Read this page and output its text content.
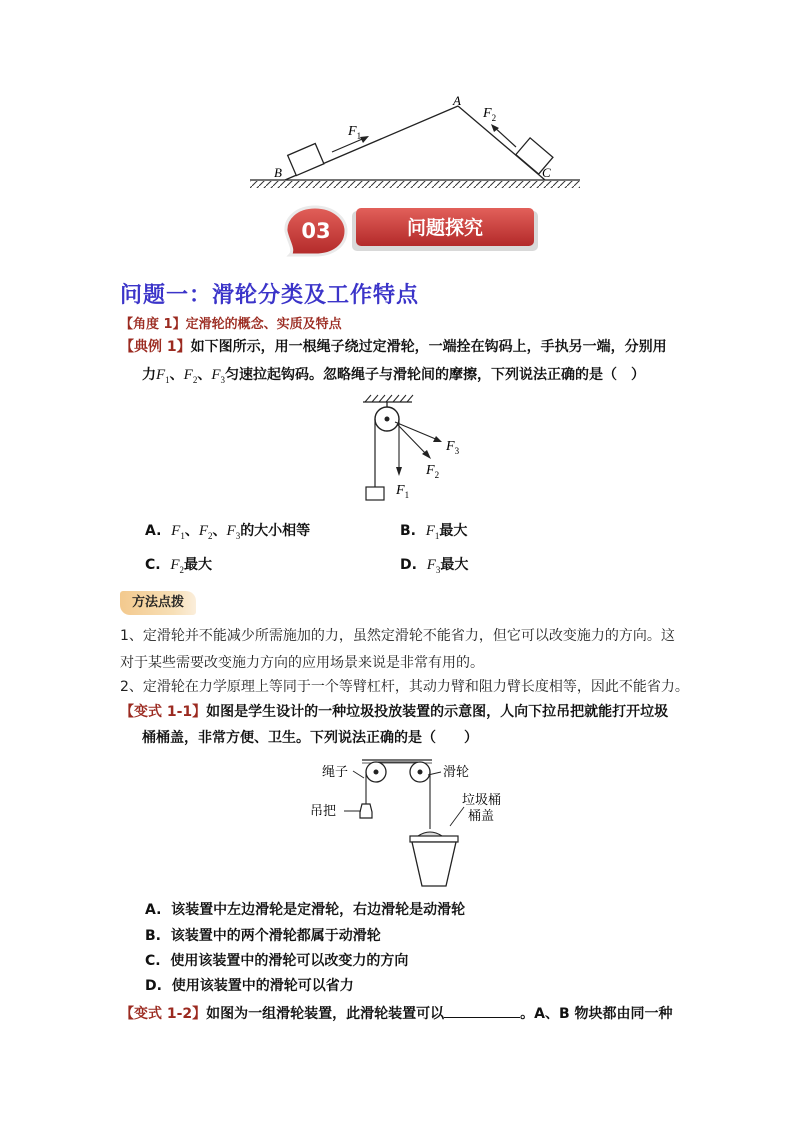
$F_1$
$F_2$
A
B	C
03	问题探究
问题一：滑轮分类及工作特点
【角度 1】定滑轮的概念、实质及特点
【典例 1】如下图所示，用一根绳子绕过定滑轮，一端拴在钩码上，手执另一端，分别用
力$F_1$、$F_2$、$F_3$匀速拉起钩码。忽略绳子与滑轮间的摩擦，下列说法正确的是（　）
$F_1$
$F_2$
$F_3$
A. $F_1$、$F_2$、$F_3$的大小相等	B. $F_1$最大
C. $F_2$最大	D. $F_3$最大
方法点拨
1、定滑轮并不能减少所需施加的力，虽然定滑轮不能省力，但它可以改变施力的方向。这
对于某些需要改变施力方向的应用场景来说是非常有用的。
2、定滑轮在力学原理上等同于一个等臂杠杆，其动力臂和阻力臂长度相等，因此不能省力。
【变式 1-1】如图是学生设计的一种垃圾投放装置的示意图，人向下拉吊把就能打开垃圾
桶桶盖，非常方便、卫生。下列说法正确的是（　　）
绳子	滑轮
吊把
垃圾桶
桶盖
A. 该装置中左边滑轮是定滑轮，右边滑轮是动滑轮
B. 该装置中的两个滑轮都属于动滑轮
C. 使用该装置中的滑轮可以改变力的方向
D. 使用该装置中的滑轮可以省力
【变式 1-2】如图为一组滑轮装置，此滑轮装置可以	。A、B 物块都由同一种
